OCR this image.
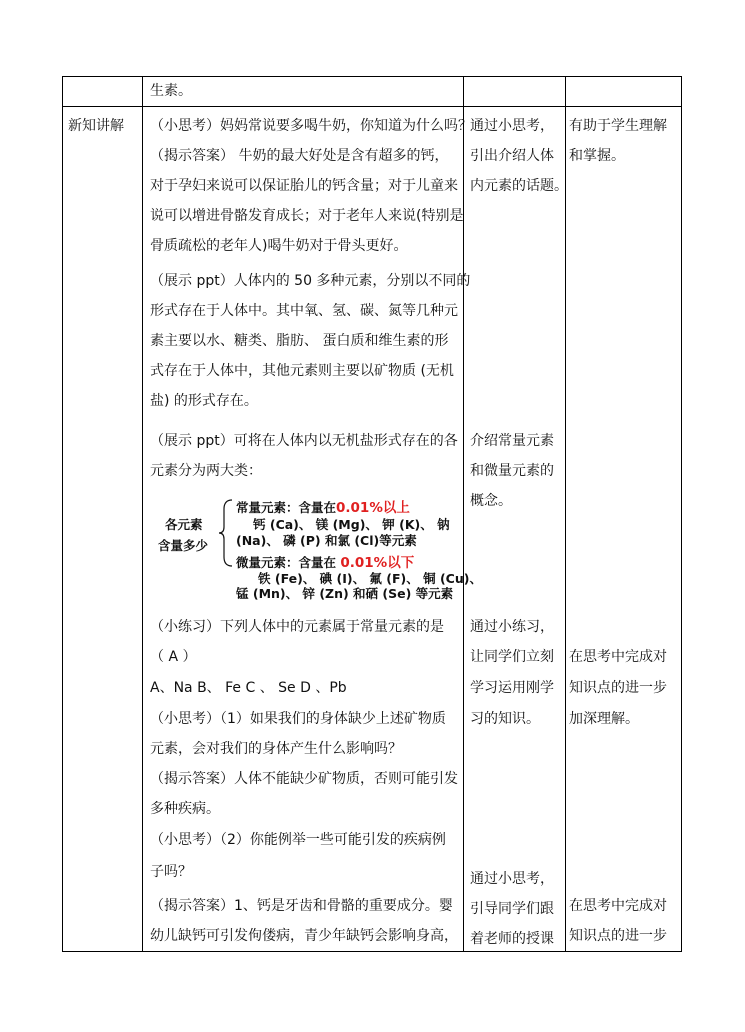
生素。
新知讲解 （小思考）妈妈常说要多喝牛奶，你知道为什么吗？
（揭示答案） 牛奶的最大好处是含有超多的钙，
对于孕妇来说可以保证胎儿的钙含量；对于儿童来
说可以增进骨骼发育成长；对于老年人来说(特别是
骨质疏松的老年人)喝牛奶对于骨头更好。
（展示 ppt）人体内的 50 多种元素，分别以不同的
形式存在于人体中。其中氧、氢、碳、氮等几种元
素主要以水、糖类、脂肪、 蛋白质和维生素的形
式存在于人体中，其他元素则主要以矿物质 (无机
盐) 的形式存在。
（展示 ppt）可将在人体内以无机盐形式存在的各
元素分为两大类：
各元素
含量多少
常量元素：含量在0.01%以上
钙 (Ca)、 镁 (Mg)、 钾 (K)、 钠
(Na)、 磷 (P) 和氯 (Cl)等元素
微量元素：含量在 0.01%以下
铁 (Fe)、 碘 (I)、 氟 (F)、 铜 (Cu)、
锰 (Mn)、 锌 (Zn) 和硒 (Se) 等元素
（小练习）下列人体中的元素属于常量元素的是
（ A ）
A、Na B、 Fe C 、 Se D 、Pb
（小思考）（1）如果我们的身体缺少上述矿物质
元素，会对我们的身体产生什么影响吗？
（揭示答案）人体不能缺少矿物质，否则可能引发
多种疾病。
（小思考）（2）你能例举一些可能引发的疾病例
子吗？
（揭示答案）1、钙是牙齿和骨骼的重要成分。婴
幼儿缺钙可引发佝偻病，青少年缺钙会影响身高，
通过小思考，
引出介绍人体
内元素的话题。
介绍常量元素
和微量元素的
概念。
通过小练习，
让同学们立刻
学习运用刚学
习的知识。
通过小思考，
引导同学们跟
着老师的授课
有助于学生理解
和掌握。
在思考中完成对
知识点的进一步
加深理解。
在思考中完成对
知识点的进一步
